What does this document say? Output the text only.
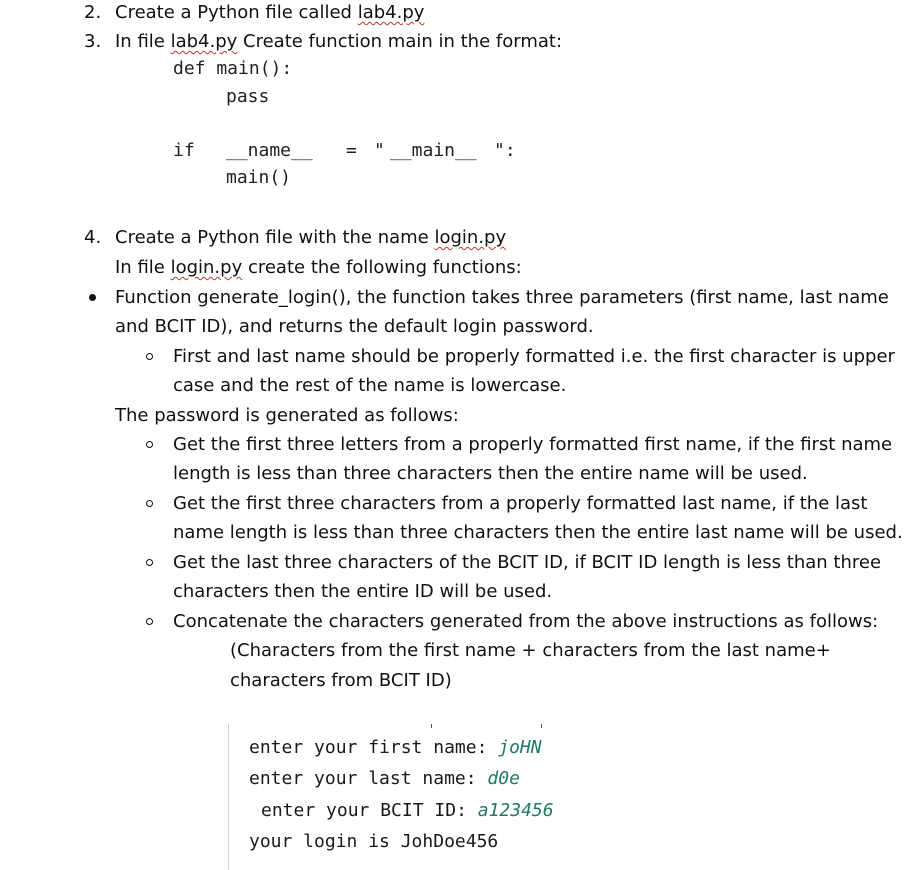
2. Create a Python file called lab4.py
3. In file lab4.py Create function main in the format:
def main():
pass
if __name__ = " __main__ ":
main()
4. Create a Python file with the name login.py
In file login.py create the following functions:
Function generate_login(), the function takes three parameters (first name, last name
and BCIT ID), and returns the default login password.
First and last name should be properly formatted i.e. the first character is upper
case and the rest of the name is lowercase.
The password is generated as follows:
Get the first three letters from a properly formatted first name, if the first name
length is less than three characters then the entire name will be used.
Get the first three characters from a properly formatted last name, if the last
name length is less than three characters then the entire last name will be used.
Get the last three characters of the BCIT ID, if BCIT ID length is less than three
characters then the entire ID will be used.
Concatenate the characters generated from the above instructions as follows:
(Characters from the first name + characters from the last name+
characters from BCIT ID)
enter your first name: joHN
enter your last name: d0e
enter your BCIT ID: a123456
your login is JohDoe456
